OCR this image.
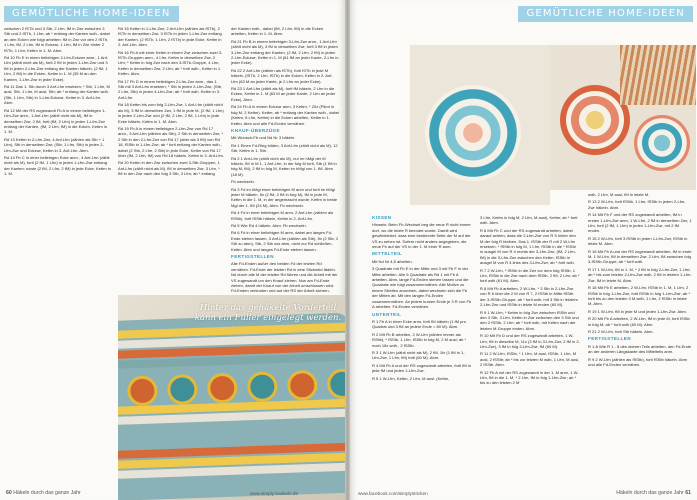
GEMÜTLICHE HOME-IDEEN

zwischen 2 fSTb und 3 Stb, 2 Lfm, fM in Zwr zwischen 3 Stb und 2 fSTb, 1 Lfm; ab * entlang der Kanten wdh., dabei an den Ecken wie folgt arbeiten: fM in Zwr vor den 2 fSTb, 1 Lfm, fM, 2 Lfm, fM in Eckzwr, 1 Lfm, fM in Zwr hinter 2 fSTb, 1 Lfm; Kettm in 1. M. Abm.

Rd 10 Fb E in einen beliebigen 2-Lfm-Eckzwr anm., 1 Anf-Lfm (zählt nicht als M), fortl 2 fM in jeden 1-Lfm-Zwr und 3 fM in jeden 2-Lfm-Zwr entlang der Kanten häkeln, (2 fM, 1 Lfm, 2 fM) in die Ecken, Kettm in 1. M (35 M an den Kanten, 1-Lfm-Zwr in jeder Ecke).

Rd 11 Das 1. Stb durch 3 Anf-Lfm ersetzen; * Stb, 1 Lfm, M ausl, Stb, 1 Lfm, M ausl, Stb; ab * entlang der Kanten wdh. (Stb, 1 Lfm, Stb) in 1-Lfm-Eckzwr, Kettm in 3. Anf-Lfm. Abm.

Rd 12 Mit der RS zugewandt Fb A in einem beliebigen 1-Lfm-Zwr anm., 1 Anf-Lfm (zählt nicht als M), fM in denselben Zwr, 2 fM, fortl (fM, 2 Lfm) in jeden 1-Lfm-Zwr entlang der Kanten, (fM, 2 Lfm, fM) in die Ecken, Kettm in 1. M.

Rd 13 Kettm in 2-Lfm-Zwr, 4 Anf-Lfm (zählen als Stb + 1 Lfm), Stb in denselben Zwr, (Stb, 1 Lfm, Stb) in jeden 2-Lfm-Zwr und Eckzwr, Kettm in 3. Anf-Lfm. Abm.

Rd 14 Fb C in einer beliebigen Ecke anm., 4 Anf-Lfm (zählt nicht als M), fortl (2 fM, 1 Lfm) in jeden 1-Lfm-Zwr entlang der Kanten; sowie (2 fM, 2 Lfm, 2 fM) in jede Ecke, Kettm in 1. M.

Rd 15 Kettm in 1-Lfm-Zwr, 2 Anf-Lfm (zählen als fSTb), 2 fSTb in denselben Zwr, 3 fSTb in jeden 1-Lfm-Zwr entlang der Kanten, (2 fSTb, 1 Lfm, 2 fSTb) in jede Ecke, Kettm in 2. Anf-Lfm. Abm.

Rd 16 Fb A mit einer Kettm in einem Zwr zwischen zwei 3-fSTb-Gruppen anm., 4 Lfm, Kettm in denselben Zwr, 2 Lfm; * Kettm in folg Zwr nach den 3-fSTb-Gruppe, 4 Lfm, Kettm in denselben Zwr, 2 Lfm; ab * fortl wdh., Kettm in 1. Kettm. Abm.

Rd 17 Fb D in einem beliebigen 2-Lfm-Zwr anm., das 1. Stb mit 3 Anf-Lfm ersetzen; * Stb in jeden 2-Lfm-Zwr, (Stb, 2 Lfm, Stb) in jeden 4-Lfm-Zwr; ab * fortl wdh. Kettm in 3. Anf-Lfm.

Rd 18 Kettm bis zum folg 2-Lfm-Zwr, 1 Anf-Lfm (zählt nicht als M), 3 fM in denselben Zwr, 1 fM in jede M, (2 fM, 1 Lfm) in jeden 2-Lfm-Zwr und (2 fM, 2 Lfm, 2 fM, 1 Lfm) in jede Ecke häkeln, Kettm in 1. M. Abm.

Rd 19 Fb A in einem beliebigen 2-Lfm-Zwr von Rd 17 anm., 3 Anf-Lfm (zählen als Stb), 2 Stb in denselben Zwr, * 2 Stb in den 2-Lfm-Zwr von Rd 17 (aber als 3 fM) von Rd 18, fSStb in 1-Lfm-Zwr; ab * fortl entlang der Kanten wdh., dabei (2 Stb, 2 Lfm, 2 Stb) in jede Ecke, Kettm von Rd 17 über (fM, 2 Lfm, fM) von Rd 18 häkeln. Kettm in 3. Anf-Lfm.

Rd 20 Kettm in den Zwr zwischen zwei 3-Stb-Gruppen, 1 Anf-Lfm (zählt nicht als M), fM in denselben Zwr, 3 Lfm, * fM in den Zwr nach den folg 3 Stb, 3 Lfm; ab * entlang

der Kanten wdh., dabei (fM, 2 Lfm, fM) in die Ecken arbeiten, Kettm in 1. M. Abm.

Rd 21 Fb B in einem beliebigen 3-Lfm-Zwr anm., 1 Anf-Lfm (zählt nicht als M), 3 fM in denselben Zwr, fortl 3 fM in jeden 3-Lfm-Zwr entlang der Kanten, (2 fM, 2 Lfm, 2 fM) in jeden 2-Lfm-Eckzwr, Kettm in 1. M (61 fM an jeder Kante, 2-Lfm in jeder Ecke).

Rd 22 2 Anf-Lfm (zählen als fSTb), fortl fSTb in jede M häkeln, (fSTb, 2 Lfm, fSTb) in die Ecken, Kettm in 2. Anf-Lfm (63 M an jeder Kante, je 2 Lfm an jeder Ecke).

Rd 23 1 Anf-Lfm (zählt als M), fortl fM häkeln, 2 Lfm in die Ecken, Kettm in 1. M (63 M an jeder Kante, 2 Lfm an jeder Ecke). Abm.

Rd 24 Fb A in einem Eckzwr anm, 3 Kettm, * 20x (Pikot in folg M, 2 Kettm). Kettm; ab * entlang der Kanten wdh., dabei (Kettm, 6 Lfm, Kettm) in die Ecken arbeiten, Kettm in 1. Kettm. Abm und alle Fd-Enden vernähen.

KNAUF-ÜBERZÜGE

Mit Wunsch-Fb und Nd Nr 3 häkeln.

Rd 1 Einen Fd-Ring bilden, 3 Anf-Lfm (zählt nicht als M), 12 Stb, Kettm in 1. Stb.

Rd 2 1 Anf-Lfm (zählt nicht als M), nur im hMgl der M häkeln, fM in M 1, 1 Anf-Lfm, in der folg M fortl, Stb (1 fM in folg M, fM), 2 fM in folg M, Kettm im hMgl von 1. fM. Abm (18 M).

Fb wechseln.

Rd 3 Fd im hMgl einer beliebigen M anm und fortl im hMgl jeder M häkeln. 5x (2 fM, 2 fM in folg M), fM in jede M, Kettm in die 1. M, in der angemascht wurde, Kettm in beide Mgl der 1. fM (24 M). Abm. Fb wechseln.

Rd 4 Fd in einer beliebigen M anm, 2 Anf-Lfm (zählen als fSStb), fortl fSStb häkeln, Kettm in 2. Anf-Lfm.

Rd 5 Wie Rd 4 häkeln. Abm. Fb wechseln.

Rd 6 Fd in einer beliebigen M anm, dabei am langen Fd-Ende stehen lassen, 3 Anf-Lfm (zählen als Stb), 5x (2 Stb, 2 Stb zu abm), Stb, 2 Stb zus abm, nicht zur Rd schließen, Kettm. Abm und langes Fd-Ende stehen lassen.

FERTIGSTELLEN

Alle Fd-Enden außer den beiden Fd der letzten Rd vernähen. Fd-Ende der letzten Rd in eine Stickneld fädeln. Nd durch alle M der letzten Rd führen und die Arbeit mit der VS zugewandt um den Knauf ziehen. Nun am Fd-Ende ziehen, damit der Knauf von der Arbeit umschlossen wird. Fd-Enden verknoten und auf der RS der Arbeit sichern.

Hinter das gehäkelte Vorderteil kann ein Füller eingelegt werden.
60 Häkeln durch das ganze Jahr	www.simply-haekeln.de
GEMÜTLICHE HOME-IDEEN

KISSEN

Hinweis: Beim Fb-Wechsel beg die neue R nicht immer dort, wo die letzte R beendet wurde. Damit wird gewährleistet, dass eine bestimmte Seite der M auf der VS zu sehen ist. Sofern nicht anders angegeben, die neue Fb auf der VS in der 1. M einer R anm.

MITTELTEIL

Mit Nd Nr 4,5 arbeiten.

3 Quadrate mit Fb E in der Mitte und 3 mit Fb F in der Mitte arbeiten. Alle 6 Quadrate als Rd 1 mit Fb A arbeiten. Abm, lange Fd-Enden stehen lassen und die Quadrate wie folgt zusammennähen: Alle Motive zu einem Streifen anordnen, dabei wechseln sich die Fb der Mitten ab. Mit den langen Fd-Enden zusammennähen. An jedem kurzen Ende je 3 R von Fb A arbeiten. Fd-Enden vernähen.

UNTERTEIL

R 1 Fb A in einer Ecke anm, fortl fM häkeln (1 fM pro Quadrat und 3 fM an jedem Ende = 60 M). Abm.

R 2 Mit Fb B arbeiten, 2 W-Lfm (zählen immer als fSStb), * fSStb, 1 Lfm, fSStb in folg M, 2 M ausl; ab * noch 18x wdh., 2 fSStb.

R 3 1 W-Lfm (zählt nicht als M), 2 fM, 1fx (1 fM in 1-Lfm-Zwr, 1 Lfm, fM) fortl (60 M). Abm.

R 4 Mit Fb A und der RS zugewandt arbeiten, fortl fM in jede fM und jeden 1-Lfm-Zwr.

R 5 1 W-Lfm, Kettm, 2 Lfm, M ausl. (Kettm,

3 Lfm, Kettm in folg M, 2 Lfm, M ausl), Kettm; ab * fortl wdh. Abm.

R 6 Mit Fb C und der RS zugewandt arbeiten, dabei darauf achten, dass die 2-Lfm-Zwr von R 5 hinter den M der folg R bleiben. Das 1. fSStb der R mit 2 W-Lfm ersetzen. * fSStb in folg M, 1 Lfm, fSStb in die * fSStb in ausgel M von R 4 rechts der 3-Lfm-Zwr, (fM, 2 Lfm, fM) in die 3-Lfm-Zwr zwischen den Kettm, fSStb in ausgel M von R 4 links des 3-Lfm-Zwr; ab * fortl wdh.

R 7 2 W-Lfm, * fSStb in die Zwr vor dem folg fSStb, 1 Lfm, fSStb in die Zwr nach dem fSStb, 2 fM, 2 Lfm; ab * fortl wdh (61 M). Abm.

R 8 Mit Fb A arbeiten, 2 W-Lfm, * 3 Stb in 2-Lfm-Zwr von R 6 über die 2 M von R 7, 2 fSStb in Mitte fSStb der 3-fSStb-Gruppe; ab * fortl wdh, mit 3 Stb in letztem 2-Lfm-Zwr und fSStb in letzte M enden (60 M).

R 9 1 W-Lfm, * Kettm in folg Zwr zwischen fSStb und den 3 Stb, 3 Lfm, Kettm in Zwr zwischen den 3 Stb und den 2 fSStb, 2 Lfm; ab * fortl wdh, mit Kettm nach der letzten M-Gruppe enden. Abm.

R 10 Mit Fb D und der RS zugewandt arbeiten, 1 W-Lfm, fM in dieselbe M, 11x (3 fM in 3-Lfm-Zwr, 2 fM in 2-Lfm-Zwr), 3 fM in folg 3-Lfm-Zwr, fM (60 M).

R 11 2 W-Lfm, fSStb, * 1 Lfm, M ausl, fSStb, 1 Lfm, M ausl, 2 fSStb; ab * bis zur letzten M wdh, 1 Lfm, M ausl, 2 fSStb. Abm.

R 12 Fb A mit der RS zugewandt in der 1. M anm, 1 W-Lfm, fM in die 1. M, * 2 Lfm, fM in folg 1-Lfm-Zwr; ab * bis zu den letzten 2 M

wdh, 2 Lfm, M ausl, fM in letzte M.

R 13 2 W-Lfm, fortl fSStb, 1 Lfm, fSStb in jeden 2-Lfm-Zwr häkeln. Abm.

R 14 Mit Fb F und der RS zugewandt arbeiten, fM in ersten 1-Lfm-Zwr anm, 1 W-Lfm, 2 fM in denselben Zwr, 1 Lfm, fortl (2 fM, 1 Lfm) in jeden 1-Lfm-Zwr, mit 2 fM enden.

R 15 2 W-Lfm, fortl 3 fSStb in jeden 1-Lfm-Zwr, fSStb in letzte M. Abm.

R 16 Mit Fb A und der RS zugewandt arbeiten, fM in erste M, 1 W-Lfm, fM in derselben Zwr, 2 Lfm, fM zwischen folg 3-fSStb-Gruppe; ab * fortl wdh.

R 17 1 W-Lfm, fM in 1. M, * 2 fM in folg 2-Lfm-Zwr, 1 Lfm; ab * bis zum letzten 2-Lfm-Zwr wdh, 2 fM in letzten 1-Lfm-Zwr, fM in letzte M. Abm.

R 18 Mit Fb E arbeiten, 2 W-Lfm, fSStb in 1. M, 1 Lfm, 2 fSStb in folg 1-Lfm-Zwr, fortl fSStb in folg 1-Lfm-Zwr; ab * fortl bis zu den letzten 3 M wdh, 1 Lfm, 2 fSStb in letzte M. Abm.

R 19 1 W-Lfm, fM in jede M und jeden 1-Lfm-Zwr. Abm.

R 20 Mit Fb A arbeiten, 2 W-Lfm, fM in jede M, fortl fSStb in folg M; ab * fortl wdh (60 M). Abm.

R 21 2 W-Lfm, fortl Stb häkeln. Abm.

FERTIGSTELLEN

R 1-8 Wie R 1 - 8 des oberen Teils arbeiten, den Fd-Ende an der anderen Längskante des Mittelteils anm.

R 9 2 W-Lfm (zählen als fSStb), fortl fSStb häkeln. Abm und alle Fd-Enden vernähen.

www.facebook.com/simplystricken	Häkeln durch das ganze Jahr 61
